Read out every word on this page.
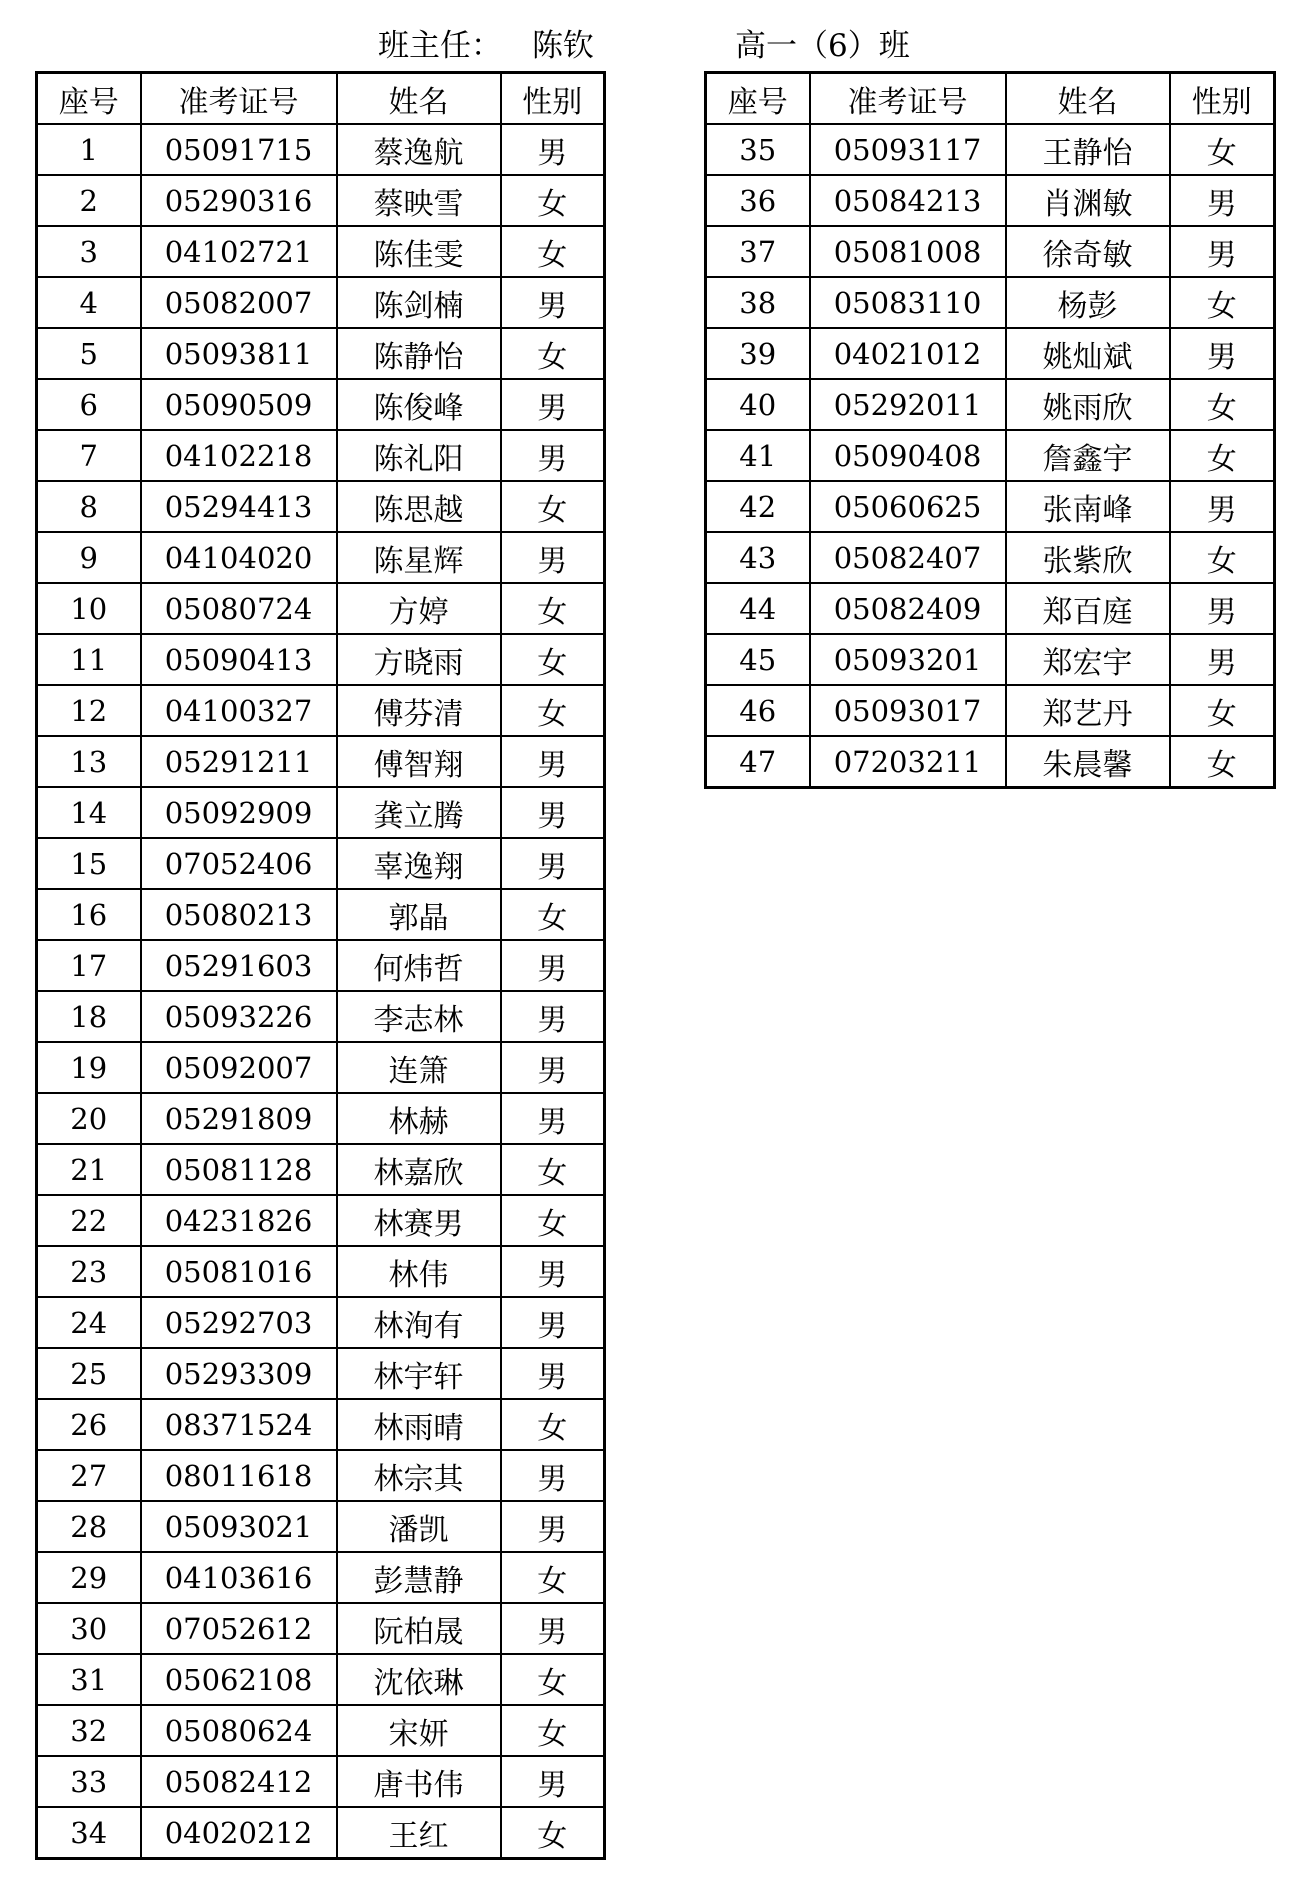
班主任： 陈钦	高一（6）班
座号	准考证号	姓名	性别
1	05091715	蔡逸航	男
2	05290316	蔡映雪	女
3	04102721	陈佳雯	女
4	05082007	陈剑楠	男
5	05093811	陈静怡	女
6	05090509	陈俊峰	男
7	04102218	陈礼阳	男
8	05294413	陈思越	女
9	04104020	陈星辉	男
10	05080724	方婷	女
11	05090413	方晓雨	女
12	04100327	傅芬清	女
13	05291211	傅智翔	男
14	05092909	龚立腾	男
15	07052406	辜逸翔	男
16	05080213	郭晶	女
17	05291603	何炜哲	男
18	05093226	李志林	男
19	05092007	连箫	男
20	05291809	林赫	男
21	05081128	林嘉欣	女
22	04231826	林赛男	女
23	05081016	林伟	男
24	05292703	林洵有	男
25	05293309	林宇轩	男
26	08371524	林雨晴	女
27	08011618	林宗其	男
28	05093021	潘凯	男
29	04103616	彭慧静	女
30	07052612	阮柏晟	男
31	05062108	沈依琳	女
32	05080624	宋妍	女
33	05082412	唐书伟	男
34	04020212	王红	女
座号	准考证号	姓名	性别
35	05093117	王静怡	女
36	05084213	肖渊敏	男
37	05081008	徐奇敏	男
38	05083110	杨彭	女
39	04021012	姚灿斌	男
40	05292011	姚雨欣	女
41	05090408	詹鑫宇	女
42	05060625	张南峰	男
43	05082407	张紫欣	女
44	05082409	郑百庭	男
45	05093201	郑宏宇	男
46	05093017	郑艺丹	女
47	07203211	朱晨馨	女
